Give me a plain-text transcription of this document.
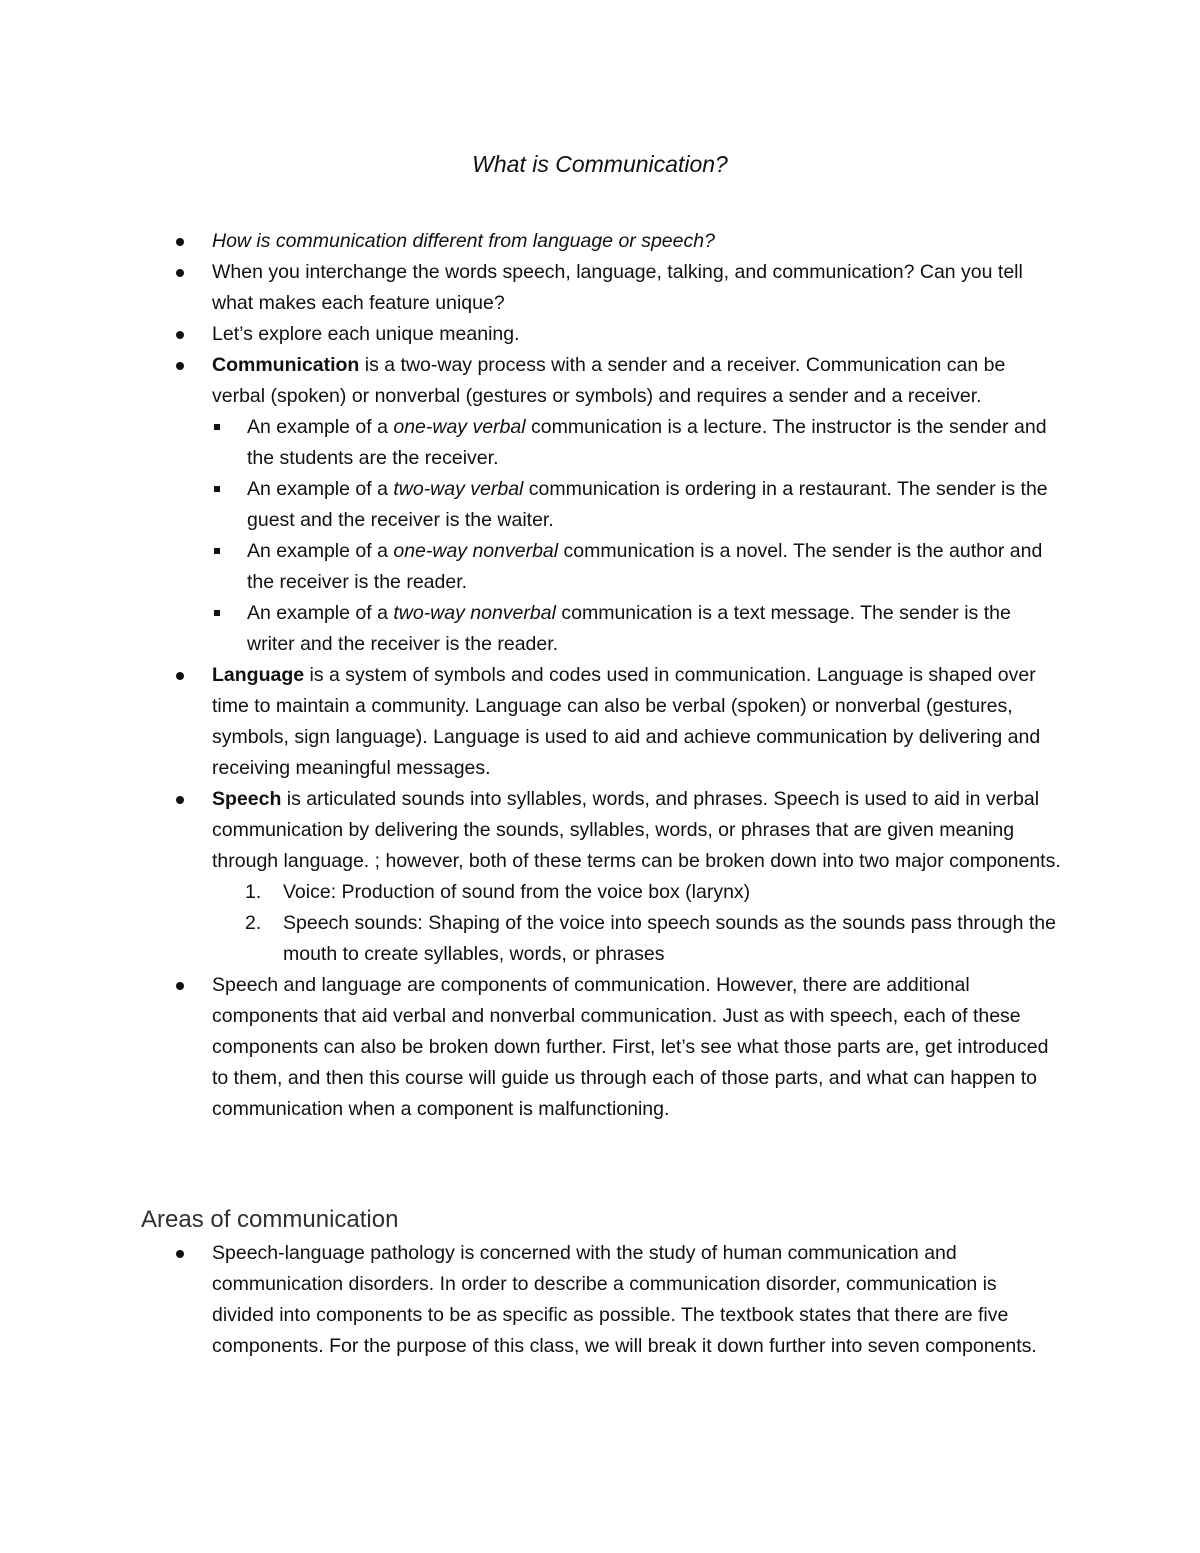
What is Communication?
How is communication different from language or speech?
When you interchange the words speech, language, talking, and communication? Can you tell what makes each feature unique?
Let’s explore each unique meaning.
Communication is a two-way process with a sender and a receiver. Communication can be verbal (spoken) or nonverbal (gestures or symbols) and requires a sender and a receiver.
An example of a one-way verbal communication is a lecture. The instructor is the sender and the students are the receiver.
An example of a two-way verbal communication is ordering in a restaurant. The sender is the guest and the receiver is the waiter.
An example of a one-way nonverbal communication is a novel. The sender is the author and the receiver is the reader.
An example of a two-way nonverbal communication is a text message. The sender is the writer and the receiver is the reader.
Language is a system of symbols and codes used in communication. Language is shaped over time to maintain a community. Language can also be verbal (spoken) or nonverbal (gestures, symbols, sign language). Language is used to aid and achieve communication by delivering and receiving meaningful messages.
Speech is articulated sounds into syllables, words, and phrases. Speech is used to aid in verbal communication by delivering the sounds, syllables, words, or phrases that are given meaning through language. ; however, both of these terms can be broken down into two major components.
1. Voice: Production of sound from the voice box (larynx)
2. Speech sounds: Shaping of the voice into speech sounds as the sounds pass through the mouth to create syllables, words, or phrases
Speech and language are components of communication. However, there are additional components that aid verbal and nonverbal communication. Just as with speech, each of these components can also be broken down further. First, let’s see what those parts are, get introduced to them, and then this course will guide us through each of those parts, and what can happen to communication when a component is malfunctioning.
Areas of communication
Speech-language pathology is concerned with the study of human communication and communication disorders. In order to describe a communication disorder, communication is divided into components to be as specific as possible. The textbook states that there are five components. For the purpose of this class, we will break it down further into seven components.
